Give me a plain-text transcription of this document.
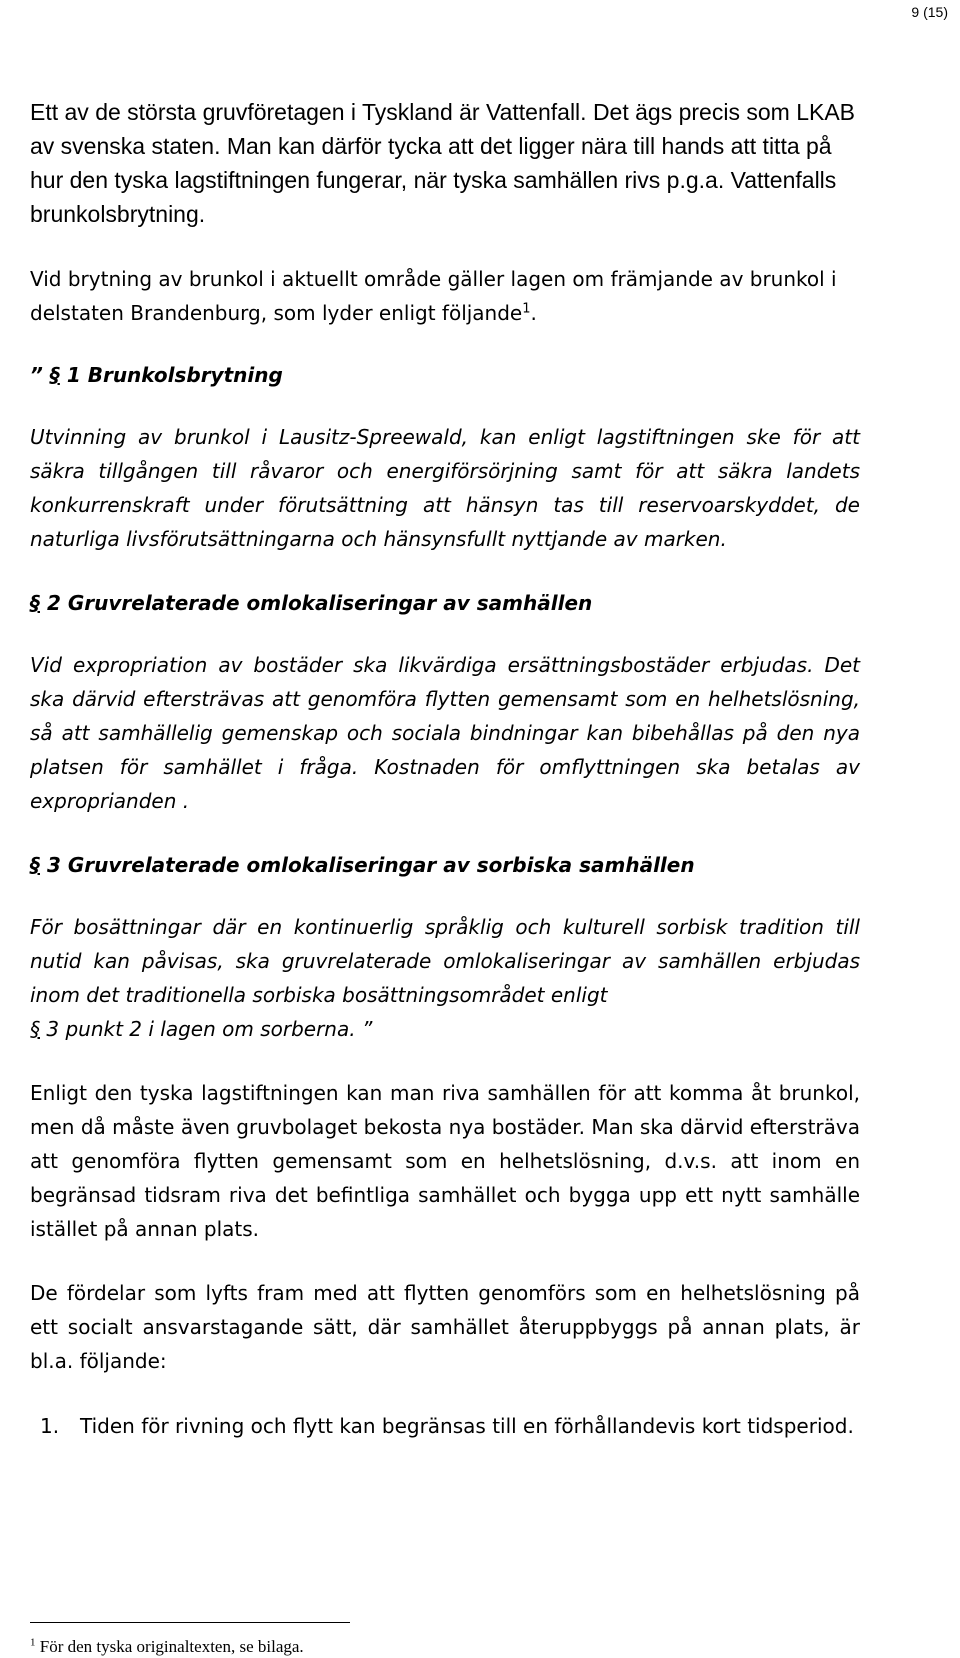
9 (15)

Ett av de största gruvföretagen i Tyskland är Vattenfall. Det ägs precis som LKAB av svenska staten. Man kan därför tycka att det ligger nära till hands att titta på hur den tyska lagstiftningen fungerar, när tyska samhällen rivs p.g.a. Vattenfalls brunkolsbrytning.

Vid brytning av brunkol i aktuellt område gäller lagen om främjande av brunkol i delstaten Brandenburg, som lyder enligt följande$^1$.

” § 1 Brunkolsbrytning

Utvinning av brunkol i Lausitz-Spreewald, kan enligt lagstiftningen ske för att säkra tillgången till råvaror och energiförsörjning samt för att säkra landets konkurrenskraft under förutsättning att hänsyn tas till reservoarskyddet, de naturliga livsförutsättningarna och hänsynsfullt nyttjande av marken.

§ 2 Gruvrelaterade omlokaliseringar av samhällen

Vid expropriation av bostäder ska likvärdiga ersättningsbostäder erbjudas. Det ska därvid eftersträvas att genomföra flytten gemensamt som en helhetslösning, så att samhällelig gemenskap och sociala bindningar kan bibehållas på den nya platsen för samhället i fråga. Kostnaden för omflyttningen ska betalas av exproprianden .

§ 3 Gruvrelaterade omlokaliseringar av sorbiska samhällen

För bosättningar där en kontinuerlig språklig och kulturell sorbisk tradition till nutid kan påvisas, ska gruvrelaterade omlokaliseringar av samhällen erbjudas inom det traditionella sorbiska bosättningsområdet enligt
§ 3 punkt 2 i lagen om sorberna. ”

Enligt den tyska lagstiftningen kan man riva samhällen för att komma åt brunkol, men då måste även gruvbolaget bekosta nya bostäder. Man ska därvid eftersträva att genomföra flytten gemensamt som en helhetslösning, d.v.s. att inom en begränsad tidsram riva det befintliga samhället och bygga upp ett nytt samhälle istället på annan plats.

De fördelar som lyfts fram med att flytten genomförs som en helhetslösning på ett socialt ansvarstagande sätt, där samhället återuppbyggs på annan plats, är bl.a. följande:

1.	Tiden för rivning och flytt kan begränsas till en förhållandevis kort tidsperiod.

$^1$ För den tyska originaltexten, se bilaga.
